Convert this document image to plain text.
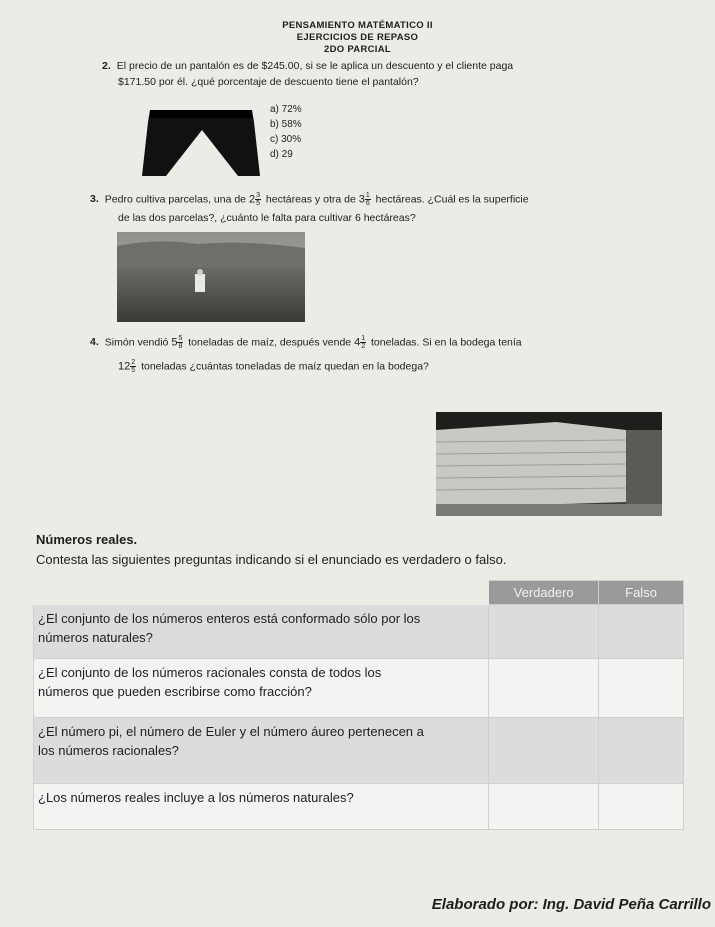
PENSAMIENTO MATÉMATICO II
EJERCICIOS DE REPASO
2DO PARCIAL
2. El precio de un pantalón es de $245.00, si se le aplica un descuento y el cliente paga
$171.50 por él. ¿qué porcentaje de descuento tiene el pantalón?
a) 72%
b) 58%
c) 30%
d) 29
3. Pedro cultiva parcelas, una de $2 \frac{3}{5}$ hectáreas y otra de $3 \frac{1}{6}$ hectáreas. ¿Cuál es la superficie
de las dos parcelas?, ¿cuánto le falta para cultivar 6 hectáreas?
4. Simón vendió $5 \frac{5}{8}$ toneladas de maíz, después vende $4 \frac{1}{2}$ toneladas. Si en la bodega tenía
$12 \frac{2}{5}$ toneladas ¿cuántas toneladas de maíz quedan en la bodega?
Números reales.
Contesta las siguientes preguntas indicando si el enunciado es verdadero o falso.
	Verdadero	Falso
¿El conjunto de los números enteros está conformado sólo por los
números naturales?		
¿El conjunto de los números racionales consta de todos los
números que pueden escribirse como fracción?		
¿El número pi, el número de Euler y el número áureo pertenecen a
los números racionales?		
¿Los números reales incluye a los números naturales?		
Elaborado por: Ing. David Peña Carrillo
